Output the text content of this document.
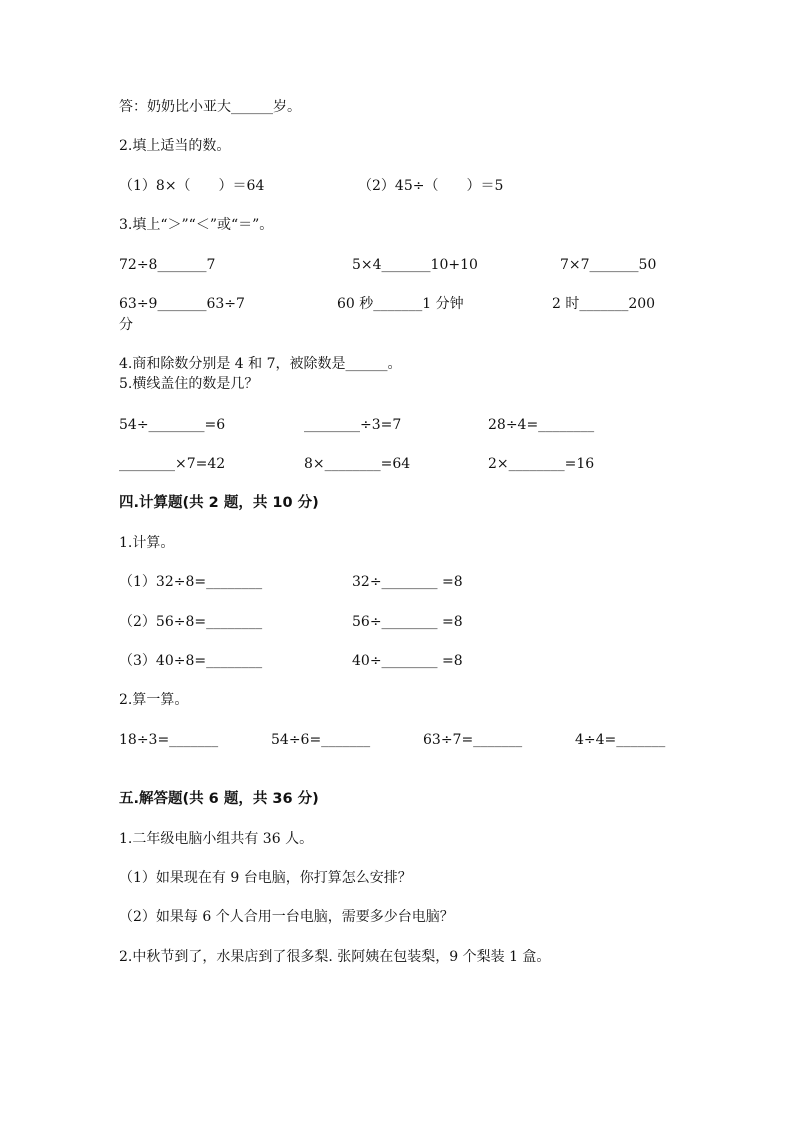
答：奶奶比小亚大______岁。
2.填上适当的数。
（1）8×（　　）＝64	（2）45÷（　　）＝5
3.填上“＞”“＜”或“＝”。
72÷8_______7	5×4_______10+10	7×7_______50
63÷9_______63÷7	60 秒_______1 分钟	2 时_______200
分
4.商和除数分别是 4 和 7，被除数是______。
5.横线盖住的数是几？
54÷________=6	________÷3=7	28÷4=________
________×7=42	8×________=64	2×________=16
四.计算题(共 2 题，共 10 分)
1.计算。
（1）32÷8=________	32÷________ =8
（2）56÷8=________	56÷________ =8
（3）40÷8=________	40÷________ =8
2.算一算。
18÷3=_______	54÷6=_______	63÷7=_______	4÷4=_______
五.解答题(共 6 题，共 36 分)
1.二年级电脑小组共有 36 人。
（1）如果现在有 9 台电脑，你打算怎么安排？
（2）如果每 6 个人合用一台电脑，需要多少台电脑？
2.中秋节到了，水果店到了很多梨. 张阿姨在包装梨，9 个梨装 1 盒。
